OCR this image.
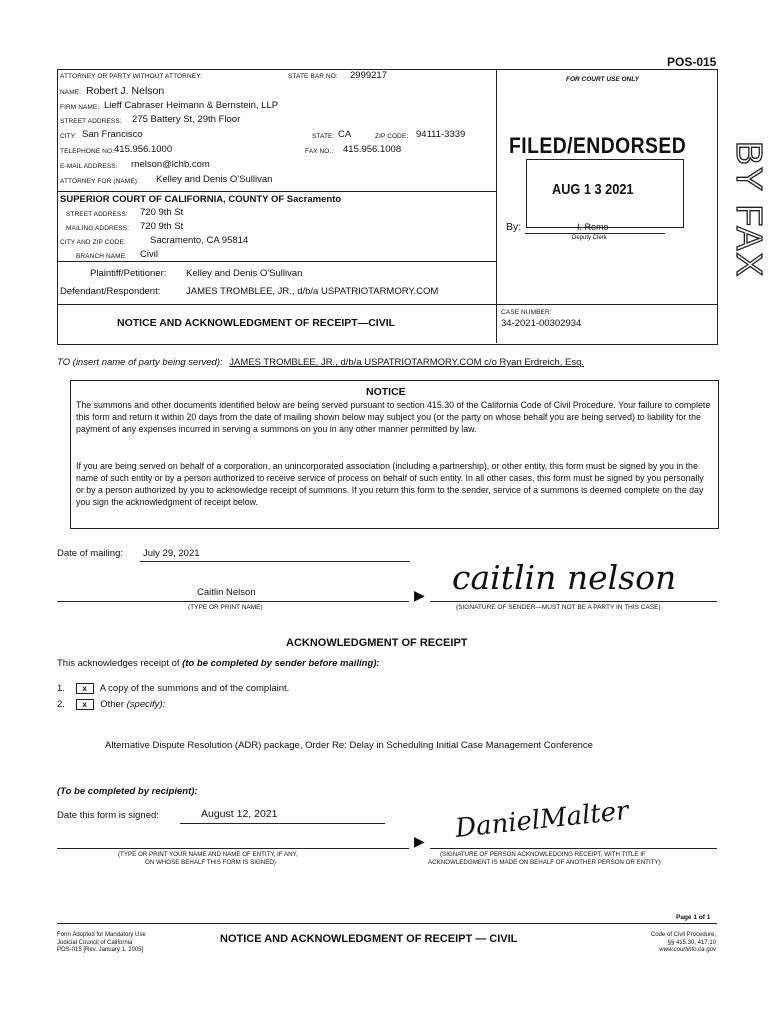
POS-015
ATTORNEY OR PARTY WITHOUT ATTORNEY:	STATE BAR NO: 2999217
NAME: Robert J. Nelson
FIRM NAME: Lieff Cabraser Heimann & Bernstein, LLP
STREET ADDRESS: 275 Battery St, 29th Floor
CITY: San Francisco	STATE: CA	ZIP CODE: 94111-3339
TELEPHONE NO.:
415.956.1000	FAX NO.: 415.956.1008
E-MAIL ADDRESS: rnelson@lchb.com
ATTORNEY FOR (NAME): Kelley and Denis O'Sullivan
SUPERIOR COURT OF CALIFORNIA, COUNTY OF Sacramento
STREET ADDRESS: 720 9th St
MAILING ADDRESS: 720 9th St
CITY AND ZIP CODE:	Sacramento, CA 95814
BRANCH NAME: Civil
Plaintiff/Petitioner: Kelley and Denis O'Sullivan
Defendant/Respondent:	JAMES TROMBLEE, JR., d/b/a USPATRIOTARMORY.COM
NOTICE AND ACKNOWLEDGMENT OF RECEIPT—CIVIL
CASE NUMBER:
34-2021-00302934
FOR COURT USE ONLY
FILED/ENDORSED
AUG 1 3 2021
By:	I. Romo
Deputy Clerk	BY FAX
TO (insert name of party being served): JAMES TROMBLEE, JR., d/b/a USPATRIOTARMORY.COM c/o Ryan Erdreich, Esq.
NOTICE
The summons and other documents identified below are being served pursuant to section 415.30 of the California Code of Civil Procedure. Your failure to complete this form and return it within 20 days from the date of mailing shown below may subject you (or the party on whose behalf you are being served) to liability for the payment of any expenses incurred in serving a summons on you in any other manner permitted by law.
If you are being served on behalf of a corporation, an unincorporated association (including a partnership), or other entity, this form must be signed by you in the name of such entity or by a person authorized to receive service of process on behalf of such entity. In all other cases, this form must be signed by you personally or by a person authorized by you to acknowledge receipt of summons. If you return this form to the sender, service of a summons is deemed complete on the day you sign the acknowledgment of receipt below.
Date of mailing: July 29, 2021
Caitlin Nelson
(TYPE OR PRINT NAME)
▶ caitlin nelson
(SIGNATURE OF SENDER—MUST NOT BE A PARTY IN THIS CASE)
ACKNOWLEDGMENT OF RECEIPT
This acknowledges receipt of (to be completed by sender before mailing):
1. x A copy of the summons and of the complaint.
2. x Other (specify):
Alternative Dispute Resolution (ADR) package, Order Re: Delay in Scheduling Initial Case Management Conference
(To be completed by recipient):
Date this form is signed:	August 12, 2021
(TYPE OR PRINT YOUR NAME AND NAME OF ENTITY, IF ANY,
ON WHOSE BEHALF THIS FORM IS SIGNED)
▶ DanielMalter
(SIGNATURE OF PERSON ACKNOWLEDGING RECEIPT, WITH TITLE IF
ACKNOWLEDGMENT IS MADE ON BEHALF OF ANOTHER PERSON OR ENTITY)
Page 1 of 1
Form Adopted for Mandatory Use
Judicial Council of California
POS-015 [Rev. January 1, 2005]
NOTICE AND ACKNOWLEDGMENT OF RECEIPT — CIVIL	Code of Civil Procedure,
§§ 415.30, 417.10
www.courtinfo.ca.gov
